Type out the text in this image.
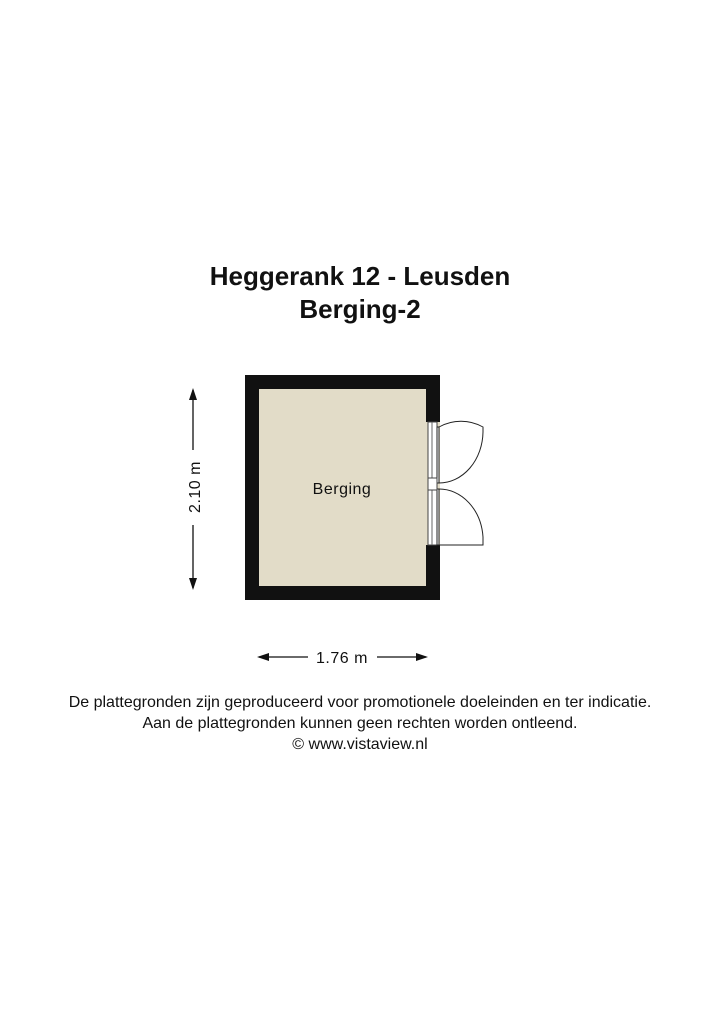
Heggerank 12 - Leusden
Berging-2
Berging
2.10 m
1.76 m
De plattegronden zijn geproduceerd voor promotionele doeleinden en ter indicatie.
Aan de plattegronden kunnen geen rechten worden ontleend.
© www.vistaview.nl
